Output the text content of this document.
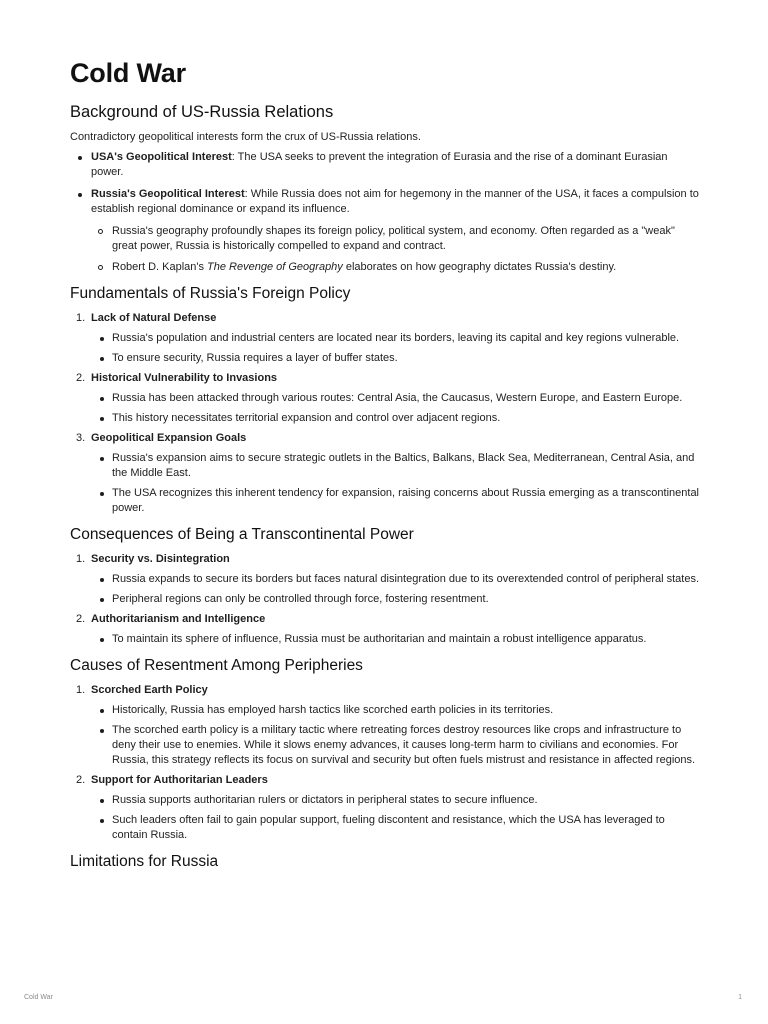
Cold War
Background of US-Russia Relations

Contradictory geopolitical interests form the crux of US-Russia relations.

USA's Geopolitical Interest: The USA seeks to prevent the integration of Eurasia and the rise of a dominant Eurasian power.
Russia's Geopolitical Interest: While Russia does not aim for hegemony in the manner of the USA, it faces a compulsion to establish regional dominance or expand its influence.
Russia's geography profoundly shapes its foreign policy, political system, and economy. Often regarded as a "weak" great power, Russia is historically compelled to expand and contract.
Robert D. Kaplan's The Revenge of Geography elaborates on how geography dictates Russia's destiny.
Fundamentals of Russia's Foreign Policy
1. Lack of Natural Defense
Russia's population and industrial centers are located near its borders, leaving its capital and key regions vulnerable.
To ensure security, Russia requires a layer of buffer states.
2. Historical Vulnerability to Invasions
Russia has been attacked through various routes: Central Asia, the Caucasus, Western Europe, and Eastern Europe.
This history necessitates territorial expansion and control over adjacent regions.
3. Geopolitical Expansion Goals
Russia's expansion aims to secure strategic outlets in the Baltics, Balkans, Black Sea, Mediterranean, Central Asia, and the Middle East.
The USA recognizes this inherent tendency for expansion, raising concerns about Russia emerging as a transcontinental power.
Consequences of Being a Transcontinental Power
1. Security vs. Disintegration
Russia expands to secure its borders but faces natural disintegration due to its overextended control of peripheral states.
Peripheral regions can only be controlled through force, fostering resentment.
2. Authoritarianism and Intelligence
To maintain its sphere of influence, Russia must be authoritarian and maintain a robust intelligence apparatus.
Causes of Resentment Among Peripheries
1. Scorched Earth Policy
Historically, Russia has employed harsh tactics like scorched earth policies in its territories.
The scorched earth policy is a military tactic where retreating forces destroy resources like crops and infrastructure to deny their use to enemies. While it slows enemy advances, it causes long-term harm to civilians and economies. For Russia, this strategy reflects its focus on survival and security but often fuels mistrust and resistance in affected regions.
2. Support for Authoritarian Leaders
Russia supports authoritarian rulers or dictators in peripheral states to secure influence.
Such leaders often fail to gain popular support, fueling discontent and resistance, which the USA has leveraged to contain Russia.
Limitations for Russia
Cold War	1
